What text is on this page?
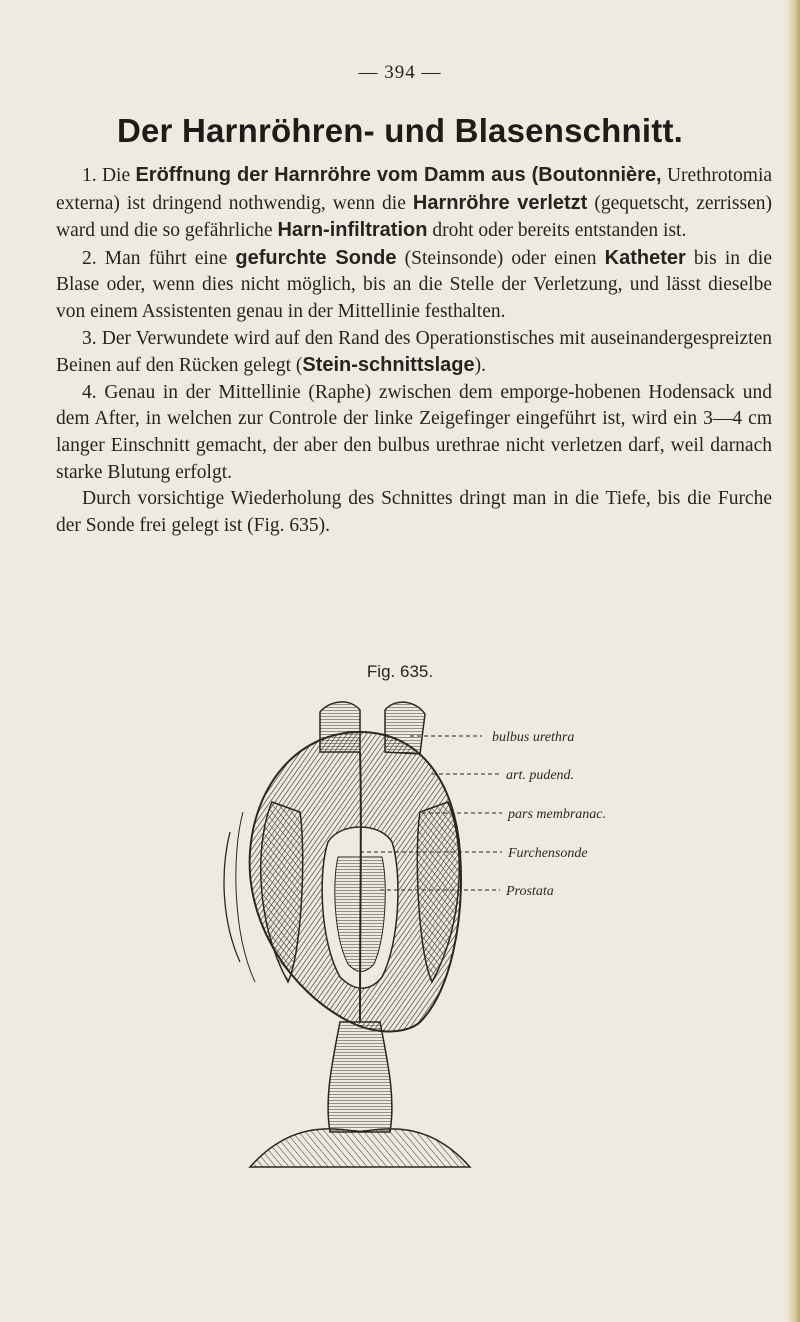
— 394 —
Der Harnröhren- und Blasenschnitt.

1. Die Eröffnung der Harnröhre vom Damm aus (Boutonnière, Urethrotomia externa) ist dringend nothwendig, wenn die Harnröhre verletzt (gequetscht, zerrissen) ward und die so gefährliche Harn-infiltration droht oder bereits entstanden ist.

2. Man führt eine gefurchte Sonde (Steinsonde) oder einen Katheter bis in die Blase oder, wenn dies nicht möglich, bis an die Stelle der Verletzung, und lässt dieselbe von einem Assistenten genau in der Mittellinie festhalten.

3. Der Verwundete wird auf den Rand des Operationstisches mit auseinandergespreizten Beinen auf den Rücken gelegt (Stein-schnittslage).

4. Genau in der Mittellinie (Raphe) zwischen dem emporge-hobenen Hodensack und dem After, in welchen zur Controle der linke Zeigefinger eingeführt ist, wird ein 3—4 cm langer Einschnitt gemacht, der aber den bulbus urethrae nicht verletzen darf, weil darnach starke Blutung erfolgt.

Durch vorsichtige Wiederholung des Schnittes dringt man in die Tiefe, bis die Furche der Sonde frei gelegt ist (Fig. 635).

Fig. 635.
bulbus urethra
art. pudend.
pars membranac.
Furchensonde
Prostata
